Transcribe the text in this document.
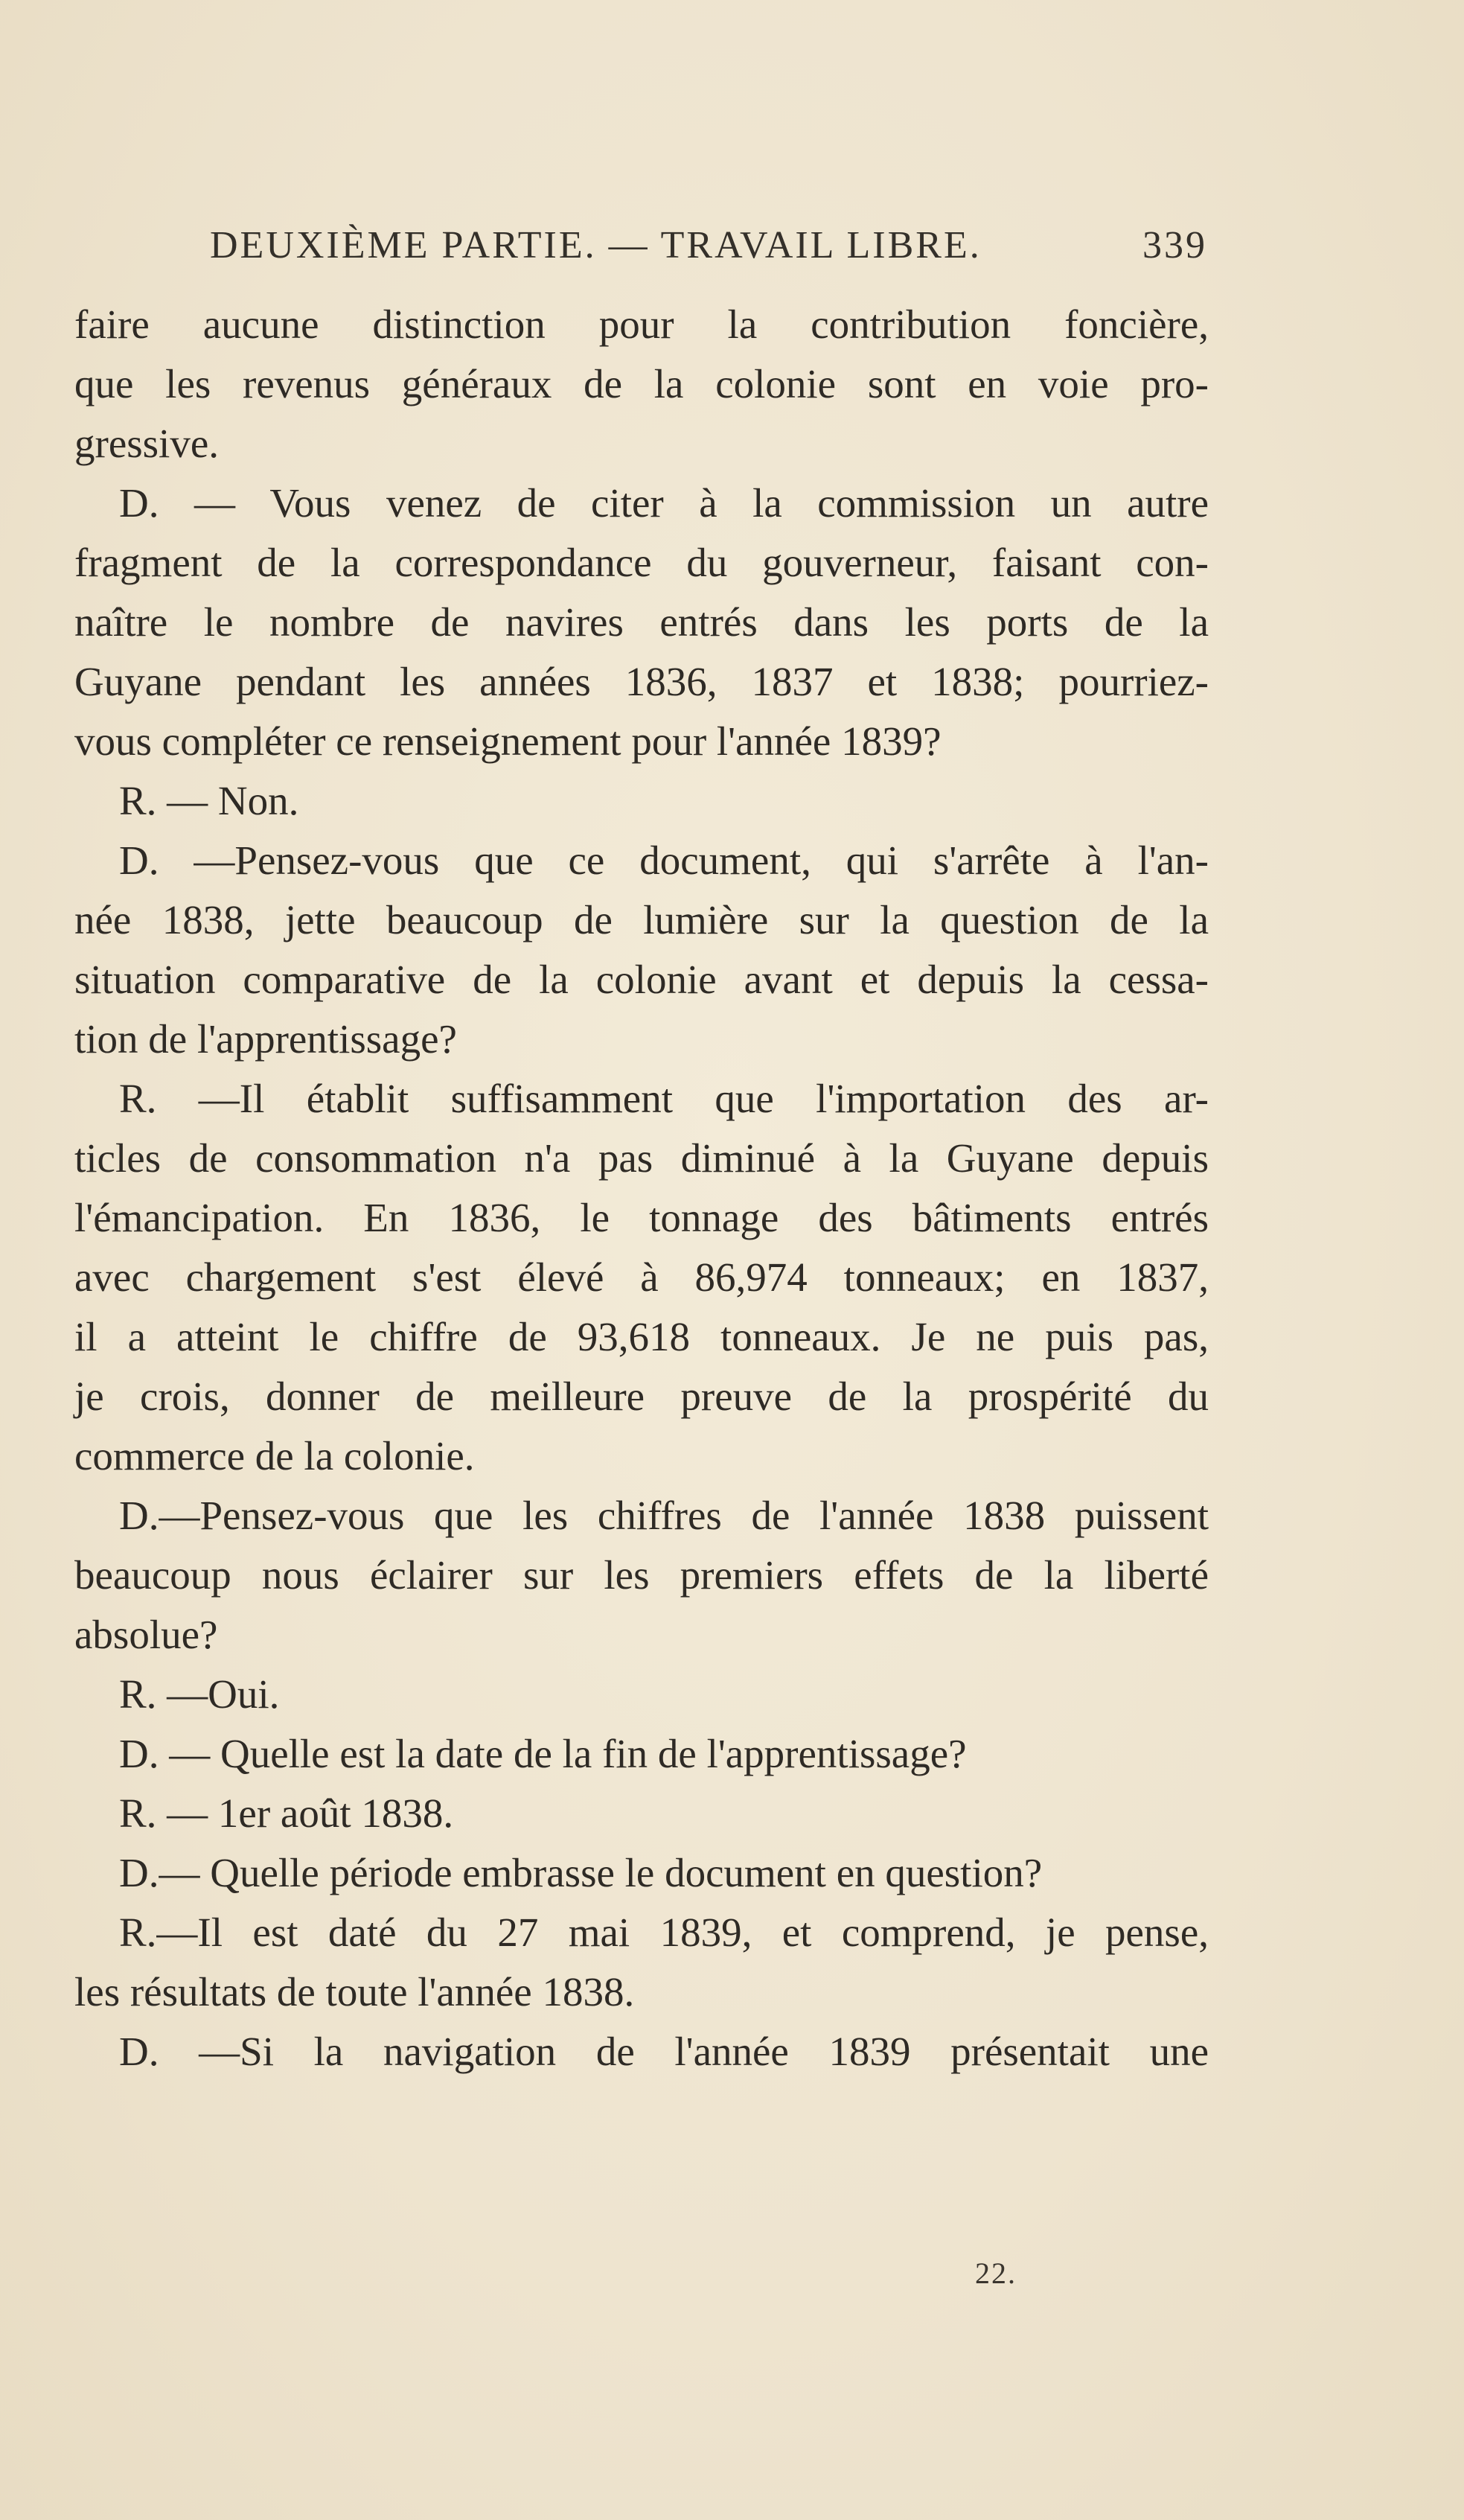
DEUXIÈME PARTIE. — TRAVAIL LIBRE.	339
faire aucune distinction pour la contribution foncière,
que les revenus généraux de la colonie sont en voie pro-
gressive.
D. — Vous venez de citer à la commission un autre
fragment de la correspondance du gouverneur, faisant con-
naître le nombre de navires entrés dans les ports de la
Guyane pendant les années 1836, 1837 et 1838; pourriez-
vous compléter ce renseignement pour l'année 1839?
R. — Non.
D. —Pensez-vous que ce document, qui s'arrête à l'an-
née 1838, jette beaucoup de lumière sur la question de la
situation comparative de la colonie avant et depuis la cessa-
tion de l'apprentissage?
R. —Il établit suffisamment que l'importation des ar-
ticles de consommation n'a pas diminué à la Guyane depuis
l'émancipation. En 1836, le tonnage des bâtiments entrés
avec chargement s'est élevé à 86,974 tonneaux; en 1837,
il a atteint le chiffre de 93,618 tonneaux. Je ne puis pas,
je crois, donner de meilleure preuve de la prospérité du
commerce de la colonie.
D.—Pensez-vous que les chiffres de l'année 1838 puissent
beaucoup nous éclairer sur les premiers effets de la liberté
absolue?
R. —Oui.
D. — Quelle est la date de la fin de l'apprentissage?
R. — 1er août 1838.
D.— Quelle période embrasse le document en question?
R.—Il est daté du 27 mai 1839, et comprend, je pense,
les résultats de toute l'année 1838.
D. —Si la navigation de l'année 1839 présentait une
22.
